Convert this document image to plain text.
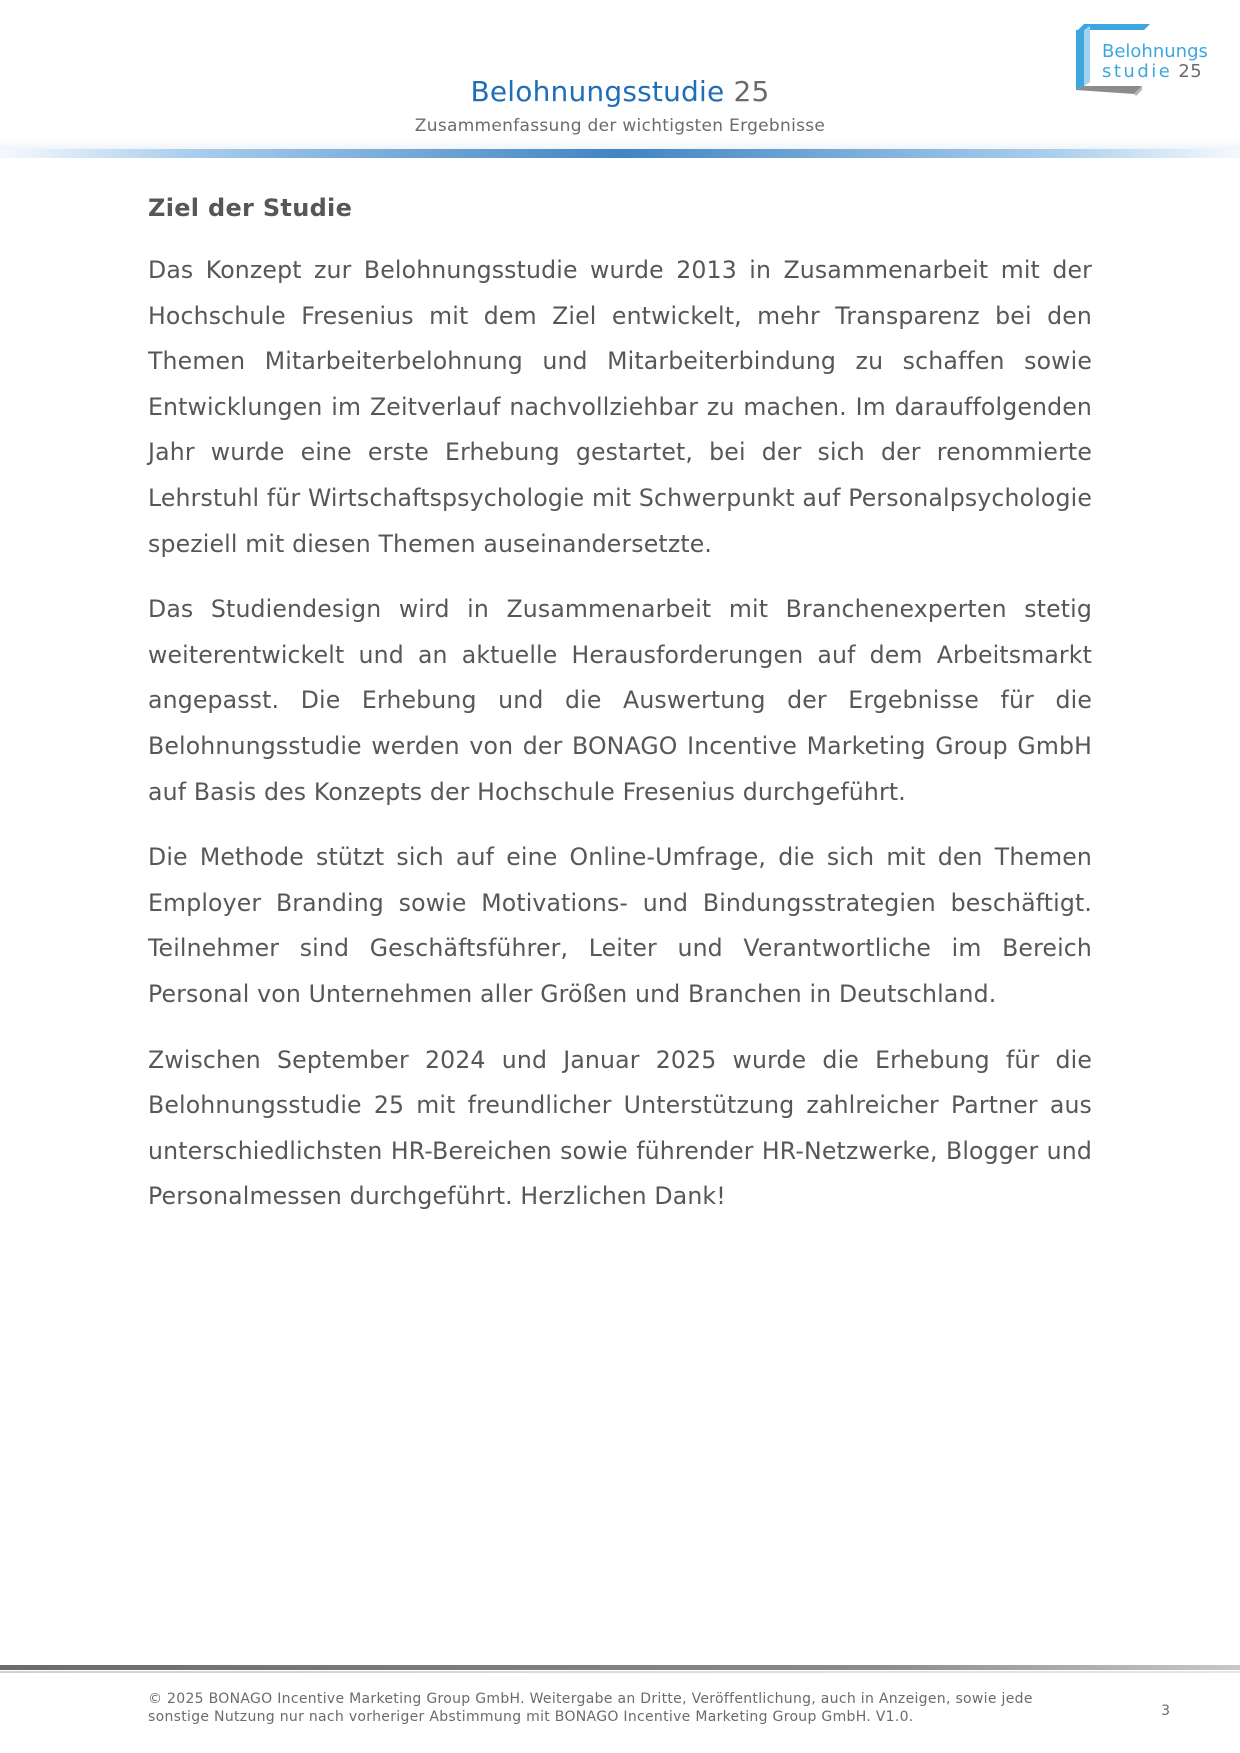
Belohnungsstudie 25
Zusammenfassung der wichtigsten Ergebnisse
Belohnungs
studie 25
Ziel der Studie

Das Konzept zur Belohnungsstudie wurde 2013 in Zusammenarbeit mit der Hochschule Fresenius mit dem Ziel entwickelt, mehr Transparenz bei den Themen Mitarbeiterbelohnung und Mitarbeiterbindung zu schaffen sowie Entwicklungen im Zeitverlauf nachvollziehbar zu machen. Im darauffolgenden Jahr wurde eine erste Erhebung gestartet, bei der sich der renommierte Lehrstuhl für Wirtschaftspsychologie mit Schwerpunkt auf Personalpsychologie speziell mit diesen Themen auseinandersetzte.

Das Studiendesign wird in Zusammenarbeit mit Branchenexperten stetig weiterentwickelt und an aktuelle Herausforderungen auf dem Arbeitsmarkt angepasst. Die Erhebung und die Auswertung der Ergebnisse für die Belohnungsstudie werden von der BONAGO Incentive Marketing Group GmbH auf Basis des Konzepts der Hochschule Fresenius durchgeführt.

Die Methode stützt sich auf eine Online-Umfrage, die sich mit den Themen Employer Branding sowie Motivations- und Bindungsstrategien beschäftigt. Teilnehmer sind Geschäftsführer, Leiter und Verantwortliche im Bereich Personal von Unternehmen aller Größen und Branchen in Deutschland.

Zwischen September 2024 und Januar 2025 wurde die Erhebung für die Belohnungsstudie 25 mit freundlicher Unterstützung zahlreicher Partner aus unterschiedlichsten HR-Bereichen sowie führender HR-Netzwerke, Blogger und Personalmessen durchgeführt. Herzlichen Dank!

© 2025 BONAGO Incentive Marketing Group GmbH. Weitergabe an Dritte, Veröffentlichung, auch in Anzeigen, sowie jede
sonstige Nutzung nur nach vorheriger Abstimmung mit BONAGO Incentive Marketing Group GmbH. V1.0.	3
